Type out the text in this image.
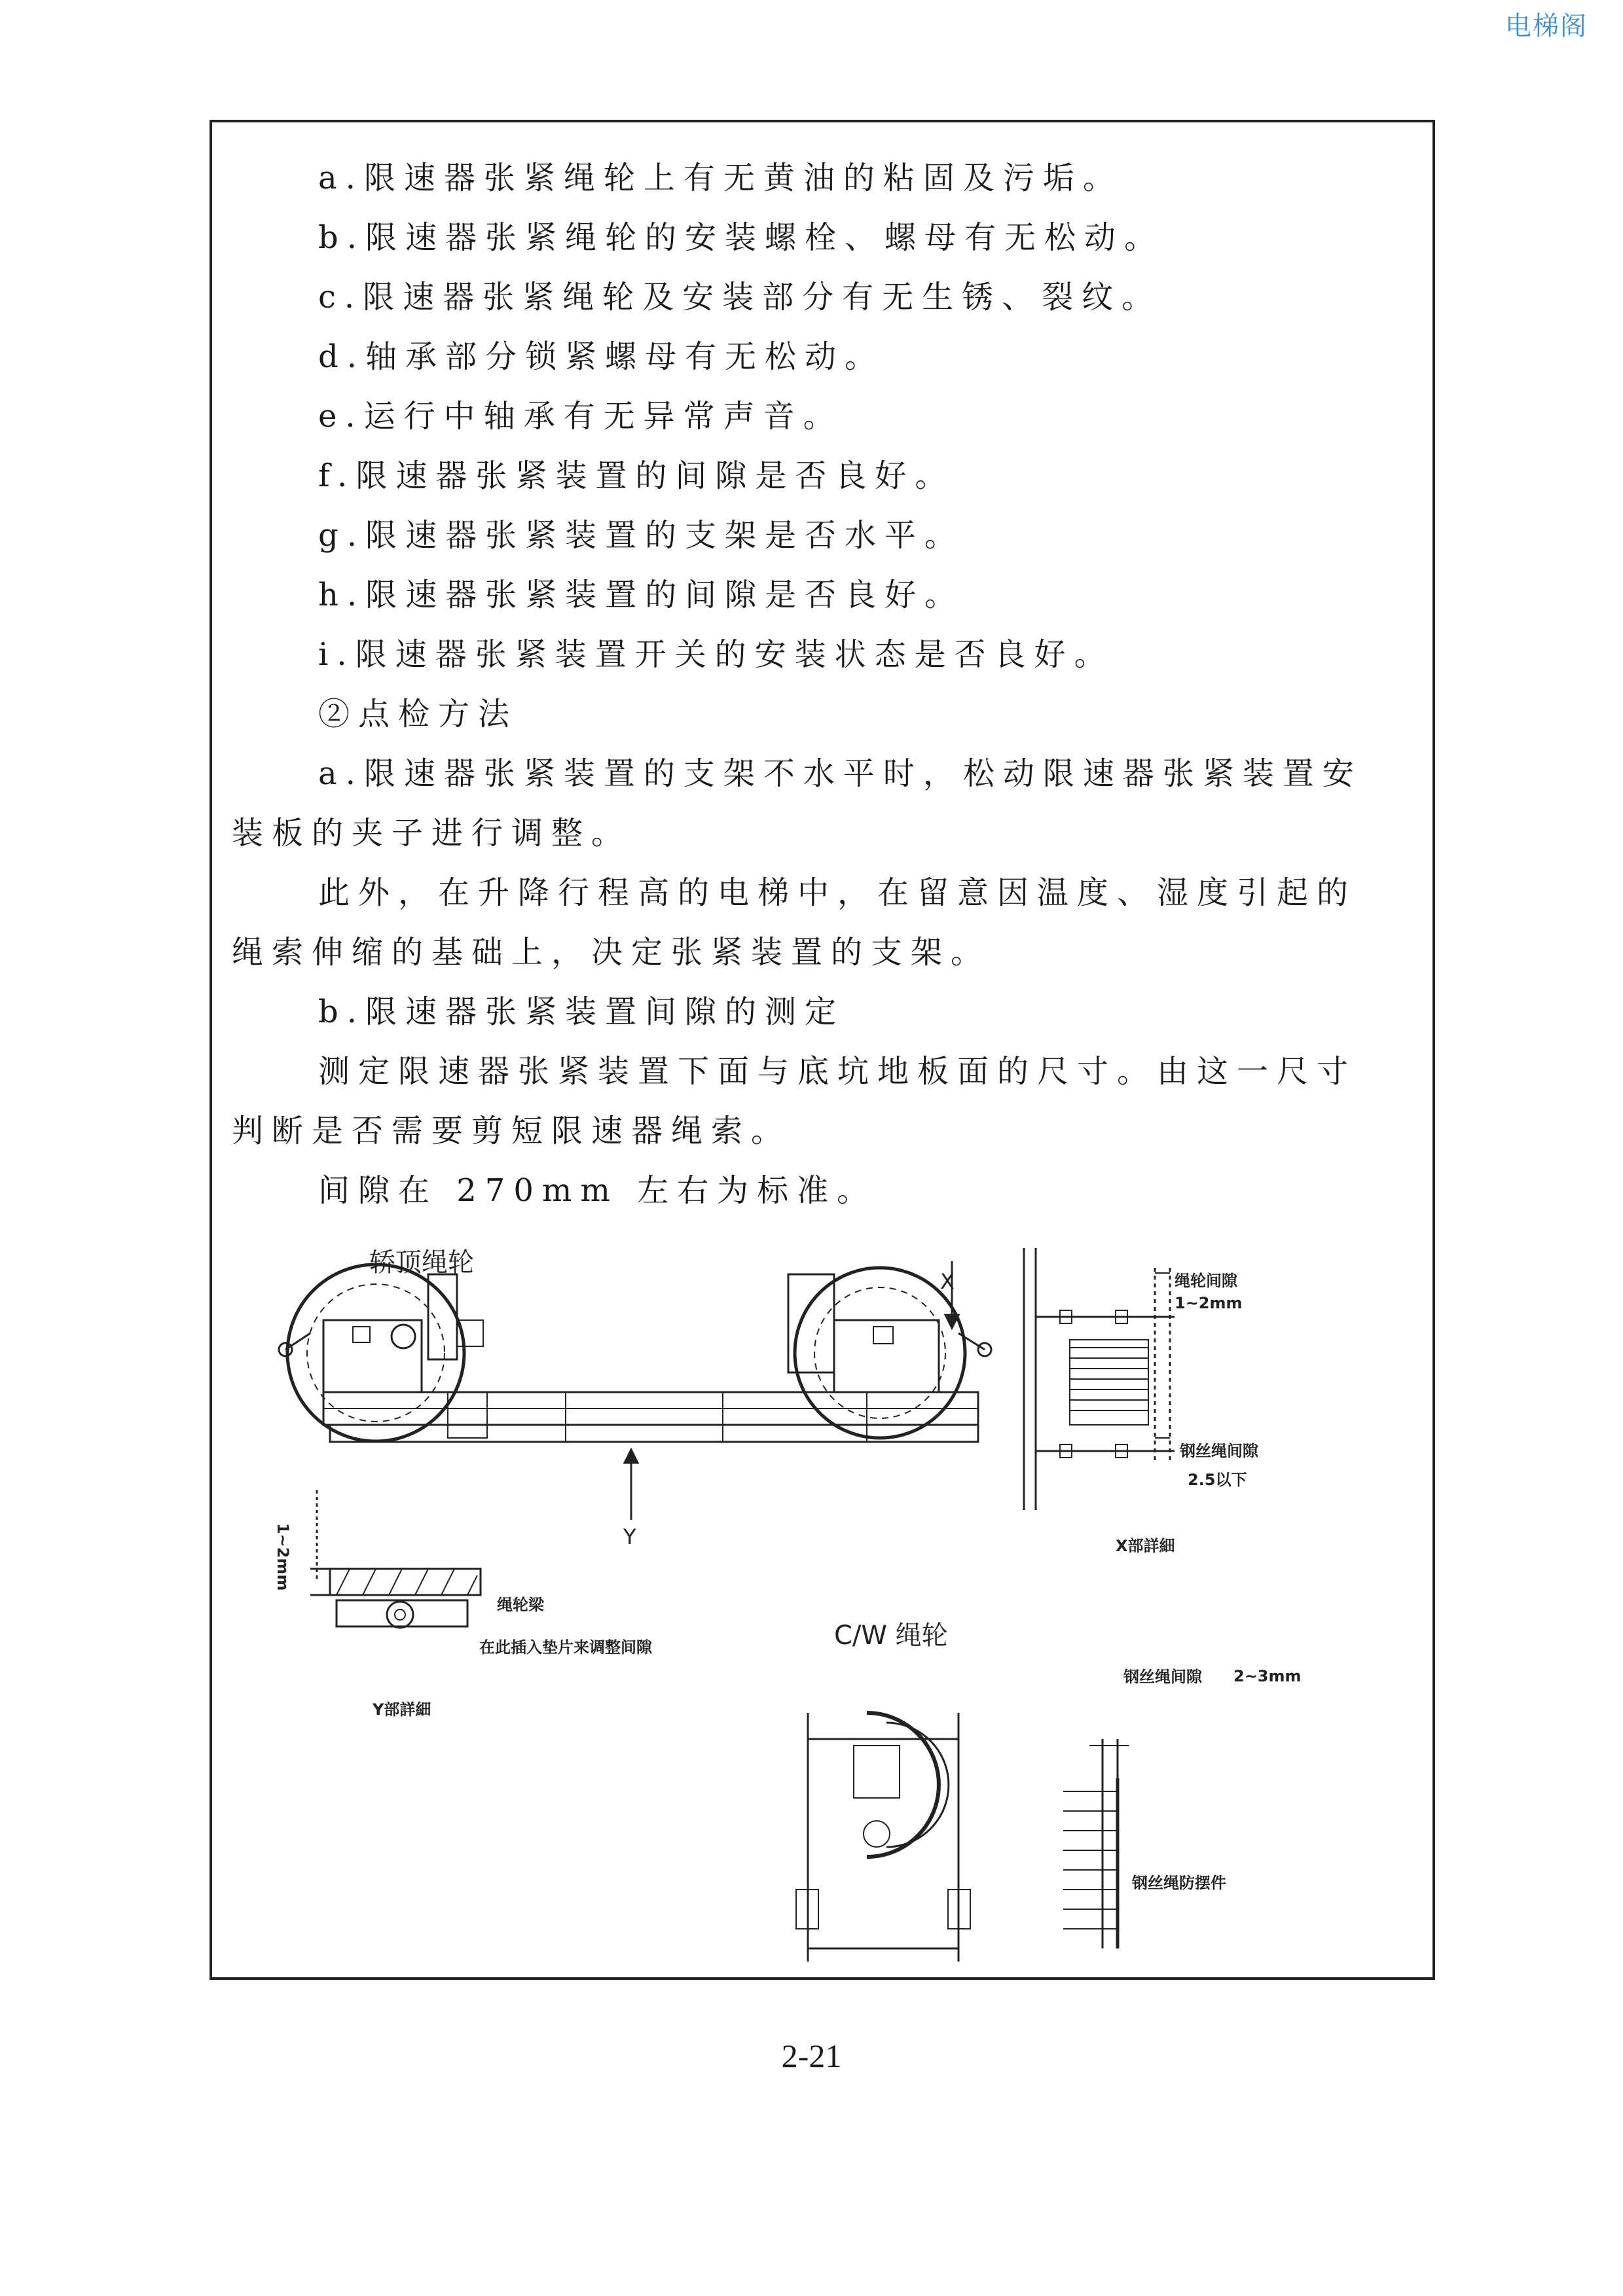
电梯阁
a.限速器张紧绳轮上有无黄油的粘固及污垢。
b.限速器张紧绳轮的安装螺栓、螺母有无松动。
c.限速器张紧绳轮及安装部分有无生锈、裂纹。
d.轴承部分锁紧螺母有无松动。
e.运行中轴承有无异常声音。
f.限速器张紧装置的间隙是否良好。
g.限速器张紧装置的支架是否水平。
h.限速器张紧装置的间隙是否良好。
i.限速器张紧装置开关的安装状态是否良好。
②点检方法
a.限速器张紧装置的支架不水平时，松动限速器张紧装置安
装板的夹子进行调整。
此外，在升降行程高的电梯中，在留意因温度、湿度引起的
绳索伸缩的基础上，决定张紧装置的支架。
b.限速器张紧装置间隙的测定
测定限速器张紧装置下面与底坑地板面的尺寸。由这一尺寸
判断是否需要剪短限速器绳索。
间隙在 270mm 左右为标准。
轿顶绳轮
X
Y
绳轮间隙
1~2mm
钢丝绳间隙
2.5以下
X部詳細
1~2mm
绳轮梁
在此插入垫片来调整间隙
Y部詳細
C/W 绳轮
钢丝绳间隙 2~3mm
钢丝绳防摆件
2-21
